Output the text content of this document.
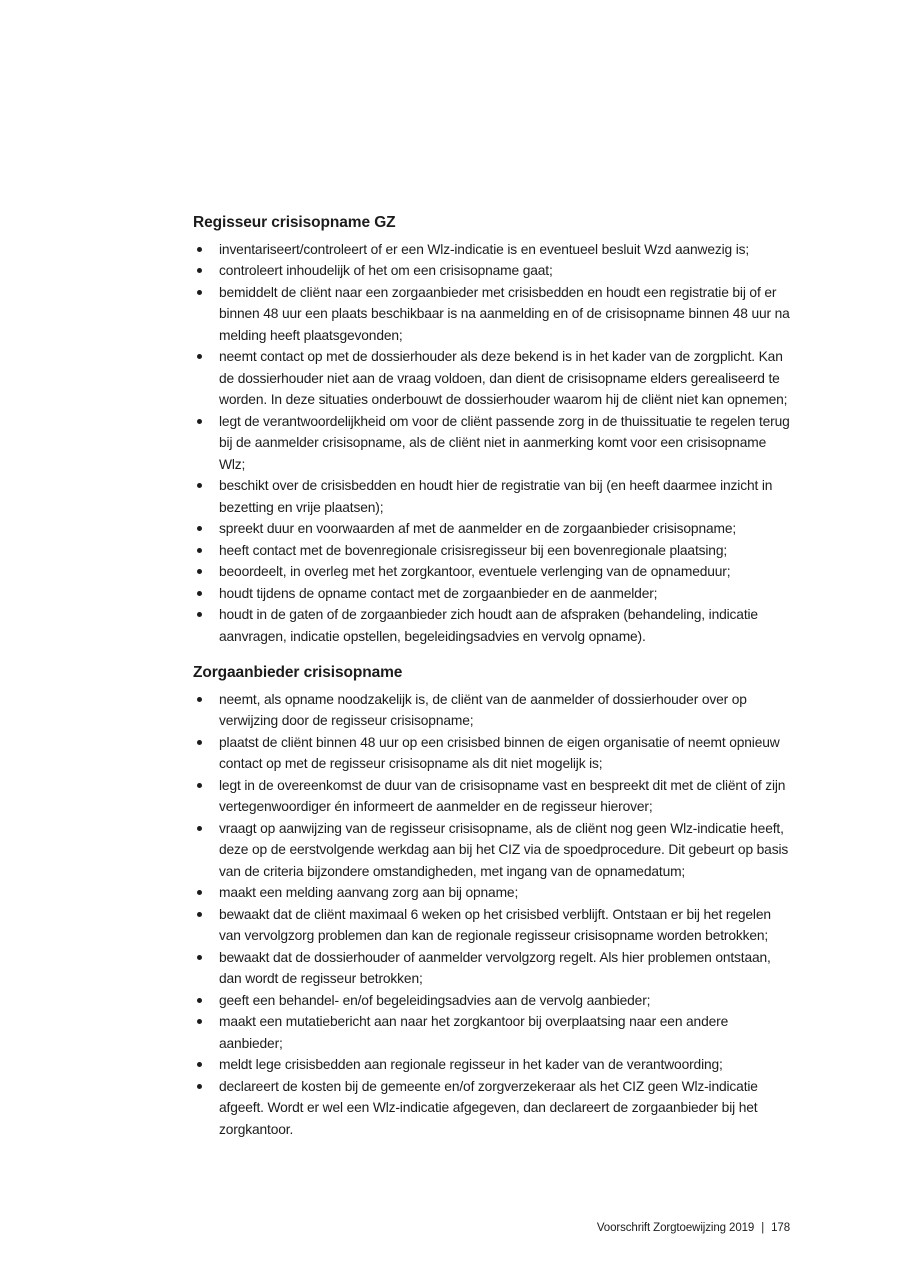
Regisseur crisisopname GZ
inventariseert/controleert of er een Wlz-indicatie is en eventueel besluit Wzd aanwezig is;
controleert inhoudelijk of het om een crisisopname gaat;
bemiddelt de cliënt naar een zorgaanbieder met crisisbedden en houdt een registratie bij of er binnen 48 uur een plaats beschikbaar is na aanmelding en of de crisisopname binnen 48 uur na melding heeft plaatsgevonden;
neemt contact op met de dossierhouder als deze bekend is in het kader van de zorgplicht. Kan de dossierhouder niet aan de vraag voldoen, dan dient de crisisopname elders gerealiseerd te worden. In deze situaties onderbouwt de dossierhouder waarom hij de cliënt niet kan opnemen;
legt de verantwoordelijkheid om voor de cliënt passende zorg in de thuissituatie te regelen terug bij de aanmelder crisisopname, als de cliënt niet in aanmerking komt voor een crisisopname Wlz;
beschikt over de crisisbedden en houdt hier de registratie van bij (en heeft daarmee inzicht in bezetting en vrije plaatsen);
spreekt duur en voorwaarden af met de aanmelder en de zorgaanbieder crisisopname;
heeft contact met de bovenregionale crisisregisseur bij een bovenregionale plaatsing;
beoordeelt, in overleg met het zorgkantoor, eventuele verlenging van de opnameduur;
houdt tijdens de opname contact met de zorgaanbieder en de aanmelder;
houdt in de gaten of de zorgaanbieder zich houdt aan de afspraken (behandeling, indicatie aanvragen, indicatie opstellen, begeleidingsadvies en vervolg opname).
Zorgaanbieder crisisopname
neemt, als opname noodzakelijk is, de cliënt van de aanmelder of dossierhouder over op verwijzing door de regisseur crisisopname;
plaatst de cliënt binnen 48 uur op een crisisbed binnen de eigen organisatie of neemt opnieuw contact op met de regisseur crisisopname als dit niet mogelijk is;
legt in de overeenkomst de duur van de crisisopname vast en bespreekt dit met de cliënt of zijn vertegenwoordiger én informeert de aanmelder en de regisseur hierover;
vraagt op aanwijzing van de regisseur crisisopname, als de cliënt nog geen Wlz-indicatie heeft, deze op de eerstvolgende werkdag aan bij het CIZ via de spoedprocedure. Dit gebeurt op basis van de criteria bijzondere omstandigheden, met ingang van de opnamedatum;
maakt een melding aanvang zorg aan bij opname;
bewaakt dat de cliënt maximaal 6 weken op het crisisbed verblijft. Ontstaan er bij het regelen van vervolgzorg problemen dan kan de regionale regisseur crisisopname worden betrokken;
bewaakt dat de dossierhouder of aanmelder vervolgzorg regelt. Als hier problemen ontstaan, dan wordt de regisseur betrokken;
geeft een behandel- en/of begeleidingsadvies aan de vervolg aanbieder;
maakt een mutatiebericht aan naar het zorgkantoor bij overplaatsing naar een andere aanbieder;
meldt lege crisisbedden aan regionale regisseur in het kader van de verantwoording;
declareert de kosten bij de gemeente en/of zorgverzekeraar als het CIZ geen Wlz-indicatie afgeeft. Wordt er wel een Wlz-indicatie afgegeven, dan declareert de zorgaanbieder bij het zorgkantoor.
Voorschrift Zorgtoewijzing 2019 | 178
